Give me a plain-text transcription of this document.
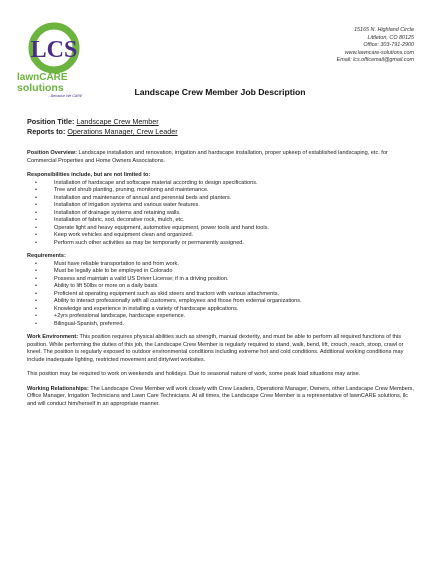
LCS
lawnCARE
solutions
...Because We CARE
15165 N. Highland Circle
Littleton, CO 80125
Office: 303-791-2900
www.lawncare-solutions.com
Email: lcs.officemail@gmail.com
Landscape Crew Member Job Description
Position Title: Landscape Crew Member
Reports to: Operations Manager, Crew Leader

Position Overview: Landscape installation and renovation, irrigation and hardscape installation, proper upkeep of established landscaping, etc. for Commercial Properties and Home Owners Associations.

Responsibilities include, but are not limited to:
• Installation of hardscape and softscape material according to design specifications.
• Tree and shrub planting, pruning, monitoring and maintenance.
• Installation and maintenance of annual and perennial beds and planters.
• Installation of irrigation systems and various water features.
• Installation of drainage systems and retaining walls.
• Installation of fabric, sod, decorative rock, mulch, etc.
• Operate light and heavy equipment, automotive equipment, power tools and hand tools.
• Keep work vehicles and equipment clean and organized.
• Perform such other activities as may be temporarily or permanently assigned.
Requirements:
• Must have reliable transportation to and from work.
• Must be legally able to be employed in Colorado
• Possess and maintain a valid US Driver License; if in a driving position.
• Ability to lift 50lbs or more on a daily basis.
• Proficient at operating equipment such as skid steers and tractors with various attachments.
• Ability to interact professionally with all customers, employees and those from external organizations.
• Knowledge and experience in installing a variety of hardscape applications.
• +2yrs professional landscape, hardscape experience.
• Bilingual-Spanish, preferred.

Work Environment: This position requires physical abilities such as strength, manual dexterity, and must be able to perform all required functions of this position. While performing the duties of this job, the Landscape Crew Member is regularly required to stand, walk, bend, lift, crouch, reach, stoop, crawl or kneel. The position is regularly exposed to outdoor environmental conditions including extreme hot and cold conditions. Additional working conditions may include inadequate lighting, restricted movement and dirty/wet worksites.

This position may be required to work on weekends and holidays. Due to seasonal nature of work, some peak load situations may arise.

Working Relationships: The Landscape Crew Member will work closely with Crew Leaders, Operations Manager, Owners, other Landscape Crew Members, Office Manager, Irrigation Technicians and Lawn Care Technicians. At all times, the Landscape Crew Member is a representative of lawnCARE solutions, llc and will conduct him/herself in an appropriate manner.
